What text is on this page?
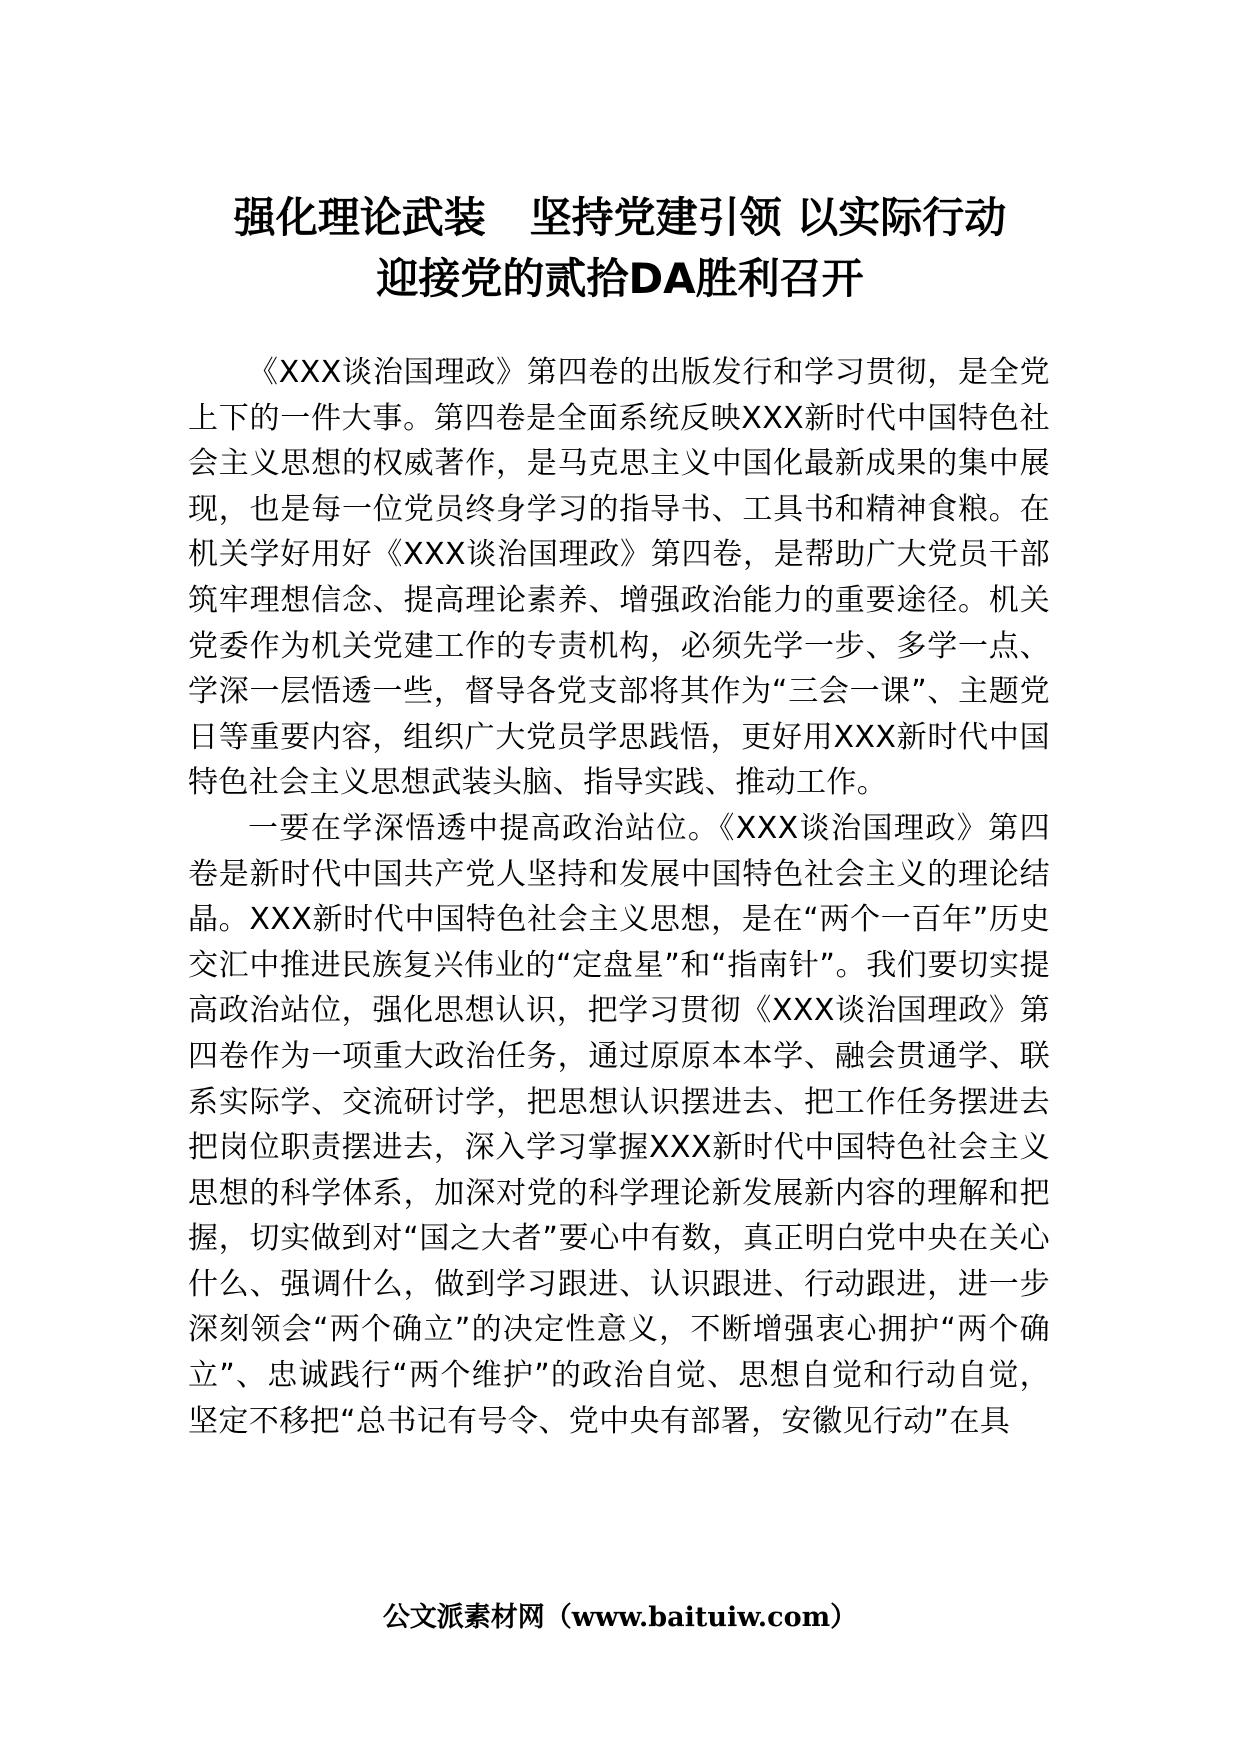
强化理论武装   坚持党建引领 以实际行动
迎接党的贰拾DA胜利召开

《XXX谈治国理政》第四卷的出版发行和学习贯彻，是全党上下的一件大事。第四卷是全面系统反映XXX新时代中国特色社会主义思想的权威著作，是马克思主义中国化最新成果的集中展现，也是每一位党员终身学习的指导书、工具书和精神食粮。在机关学好用好《XXX谈治国理政》第四卷，是帮助广大党员干部筑牢理想信念、提高理论素养、增强政治能力的重要途径。机关党委作为机关党建工作的专责机构，必须先学一步、多学一点、学深一层悟透一些，督导各党支部将其作为“三会一课”、主题党日等重要内容，组织广大党员学思践悟，更好用XXX新时代中国特色社会主义思想武装头脑、指导实践、推动工作。

一要在学深悟透中提高政治站位。《XXX谈治国理政》第四卷是新时代中国共产党人坚持和发展中国特色社会主义的理论结晶。XXX新时代中国特色社会主义思想，是在“两个一百年”历史交汇中推进民族复兴伟业的“定盘星”和“指南针”。我们要切实提高政治站位，强化思想认识，把学习贯彻《XXX谈治国理政》第四卷作为一项重大政治任务，通过原原本本学、融会贯通学、联系实际学、交流研讨学，把思想认识摆进去、把工作任务摆进去把岗位职责摆进去，深入学习掌握XXX新时代中国特色社会主义思想的科学体系，加深对党的科学理论新发展新内容的理解和把握，切实做到对“国之大者”要心中有数，真正明白党中央在关心什么、强调什么，做到学习跟进、认识跟进、行动跟进，进一步深刻领会“两个确立”的决定性意义，不断增强衷心拥护“两个确立”、忠诚践行“两个维护”的政治自觉、思想自觉和行动自觉，坚定不移把“总书记有号令、党中央有部署，安徽见行动”在具

公文派素材网（www.baituiw.com）
